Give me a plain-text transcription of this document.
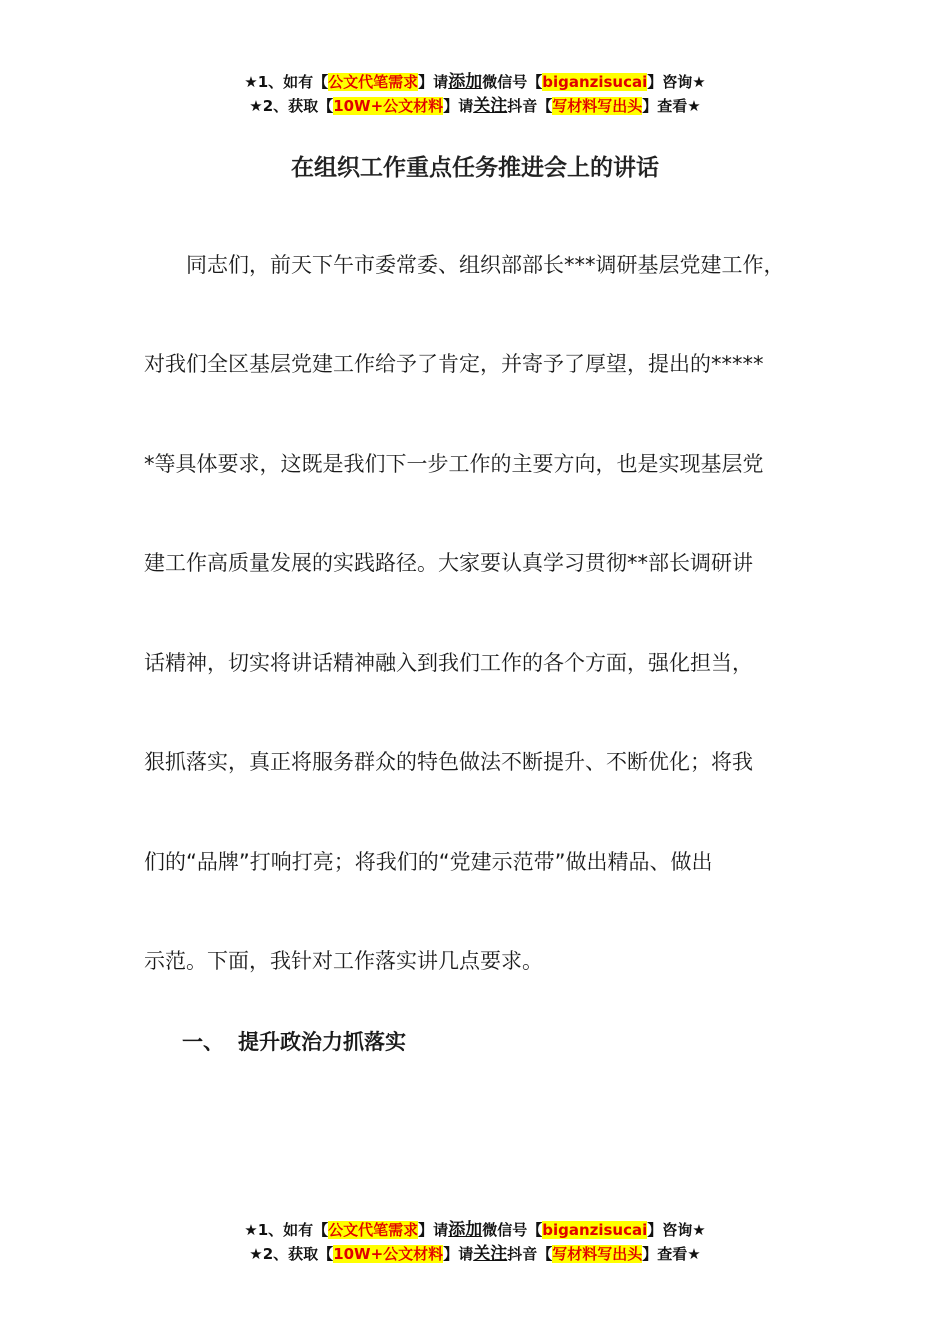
★1、如有【公文代笔需求】请添加微信号【biganzisucai】咨询★
★2、获取【10W+公文材料】请关注抖音【写材料写出头】查看★
在组织工作重点任务推进会上的讲话
　　同志们，前天下午市委常委、组织部部长***调研基层党建工作，
对我们全区基层党建工作给予了肯定，并寄予了厚望，提出的*****
*等具体要求，这既是我们下一步工作的主要方向，也是实现基层党
建工作高质量发展的实践路径。大家要认真学习贯彻**部长调研讲
话精神，切实将讲话精神融入到我们工作的各个方面，强化担当，
狠抓落实，真正将服务群众的特色做法不断提升、不断优化；将我
们的“品牌”打响打亮；将我们的“党建示范带”做出精品、做出
示范。下面，我针对工作落实讲几点要求。
一、 提升政治力抓落实
★1、如有【公文代笔需求】请添加微信号【biganzisucai】咨询★
★2、获取【10W+公文材料】请关注抖音【写材料写出头】查看★
